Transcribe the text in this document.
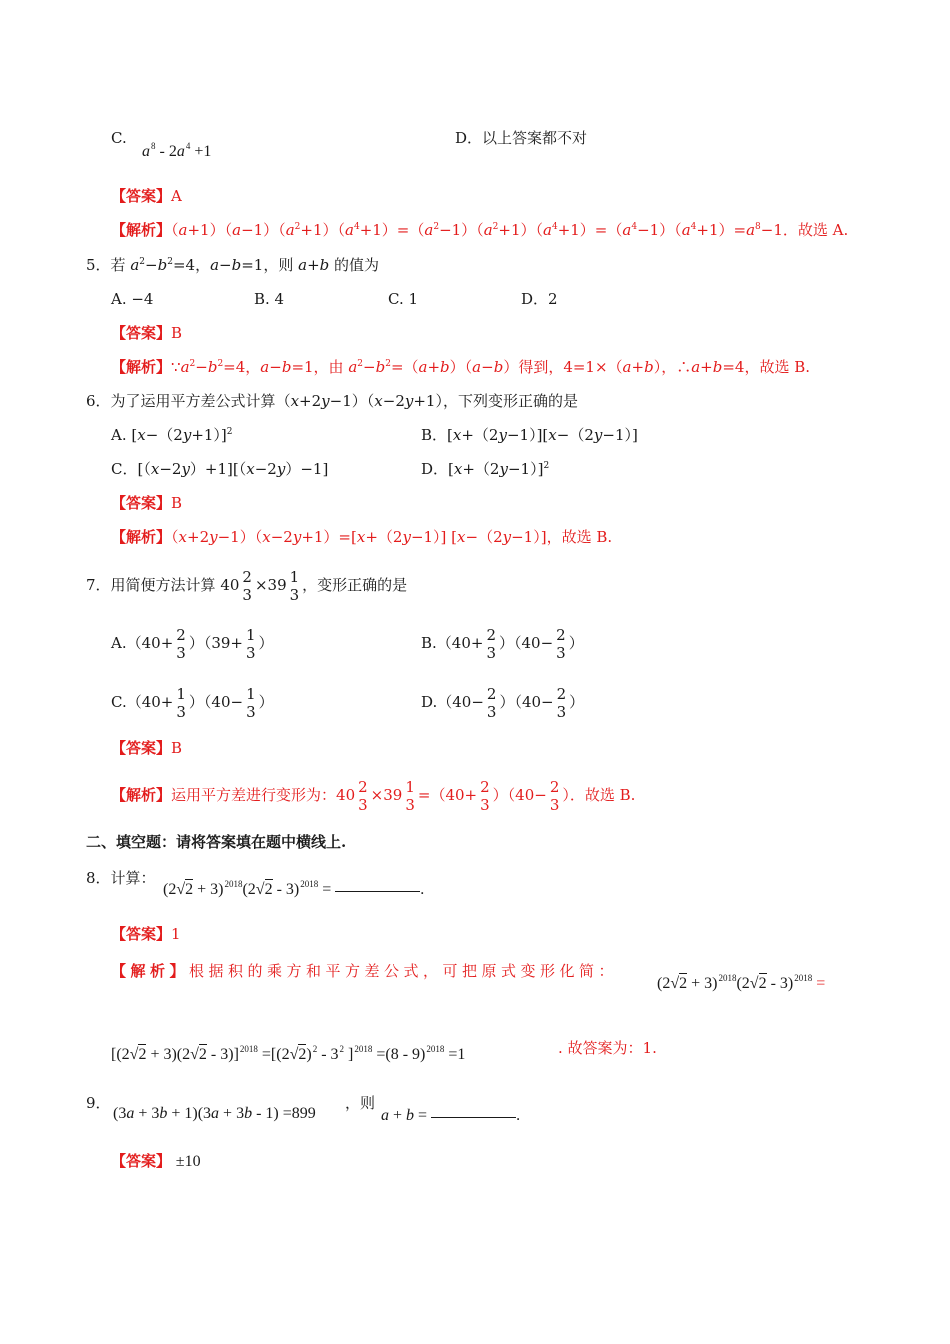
C.
$a^8 - 2a^4 +1$
D．以上答案都不对
【答案】A
【解析】$(a+1)(a-1)(a^2+1)(a^4+1)=(a^2-1)(a^2+1)(a^4+1)=(a^4-1)(a^4+1)=a^8-1$．故选 A.
5．若 $a^2-b^2=4$，a−b=1，则 a+b 的值为
A. −4	B. 4	C. 1	D．2
【答案】B
【解析】$\because a^2-b^2=4$，a−b=1，由 $a^2-b^2=(a+b)(a-b)$得到，4=1×（a+b），∴a+b=4，故选 B.
6．为了运用平方差公式计算（x+2y−1）（x−2y+1），下列变形正确的是
A. $[x-(2y+1)]^2$	B．[x+（2y−1）][x−（2y−1）]
C．[（x−2y）+1][（x−2y）−1]	D．$[x+(2y-1)]^2$
【答案】B
【解析】（x+2y−1）（x−2y+1）=[x+（2y−1）] [x−（2y−1）]，故选 B.
7．用简便方法计算 40 2
3
×39 1
3
，变形正确的是
A.（40+ 2
3
）（39+ 1
3
）	B.（40+ 2
3
）（40− 2
3
）
C.（40+ 1
3
）（40− 1
3
）	D.（40− 2
3
）（40− 2
3
）
【答案】B
【解析】运用平方差进行变形为：40 2
3
×39 1
3
=（40+ 2
3
）（40− 2
3
）．故选 B.
二、填空题：请将答案填在题中横线上.
8．计算：
$(2√2 + 3)^{2018}(2√2 - 3)^{2018}$ =	.
【答案】1
【解析】根据积的乘方和平方差公式，可把原式变形化简：
$(2√2 + 3)^{2018}(2√2 - 3)^{2018}$ =
$[(2√2 + 3)(2√2 - 3)]^{2018} =[(2√2)^2 - 3^2$ ]$^{2018}$ =(8 - 9)$^{2018}$ =1	. 故答案为：1.
9．
(3a + 3b + 1)(3a + 3b - 1) =899
，则
a + b =	.
【答案】 ±10
